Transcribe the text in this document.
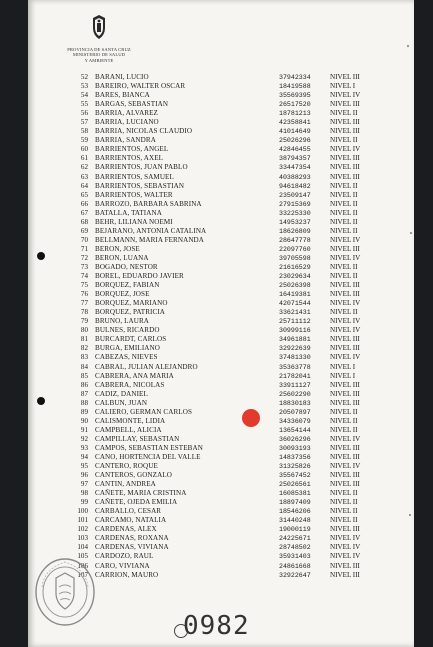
PROVINCIA DE SANTA CRUZ
MINISTERIO DE SALUD
Y AMBIENTE
52 BARANI, LUCIO	37942334	NIVEL III
53 BAREIRO, WALTER OSCAR	18419588	NIVEL I
54 BARES, BIANCA	35569395	NIVEL IV
55 BARGAS, SEBASTIAN	26517520	NIVEL III
56 BARRIA, ALVAREZ	18781213	NIVEL II
57 BARRIA, LUCIANO	42358841	NIVEL III
58 BARRIA, NICOLAS CLAUDIO	41014649	NIVEL III
59 BARRIA, SANDRA	25026296	NIVEL II
60 BARRIENTOS, ANGEL	42846455	NIVEL IV
61 BARRIENTOS, AXEL	38794357	NIVEL III
62 BARRIENTOS, JUAN PABLO	33447354	NIVEL III
63 BARRIENTOS, SAMUEL	40388293	NIVEL III
64 BARRIENTOS, SEBASTIAN	94618482	NIVEL II
65 BARRIENTOS, WALTER	23509147	NIVEL II
66 BARROZO, BARBARA SABRINA	27915369	NIVEL II
67 BATALLA, TATIANA	33225330	NIVEL II
68 BEHR, LILIANA NOEMI	14953237	NIVEL II
69 BEJARANO, ANTONIA CATALINA	18626809	NIVEL II
70 BELLMANN, MARIA FERNANDA	28647778	NIVEL IV
71 BERON, JOSE	22097760	NIVEL III
72 BERON, LUANA	39705598	NIVEL IV
73 BOGADO, NESTOR	21616529	NIVEL II
74 BOREL, EDUARDO JAVIER	23029634	NIVEL II
75 BORQUEZ, FABIAN	25026398	NIVEL III
76 BORQUEZ, JOSE	16419381	NIVEL III
77 BORQUEZ, MARIANO	42071544	NIVEL IV
78 BORQUEZ, PATRICIA	33621431	NIVEL II
79 BRUNO, LAURA	25711112	NIVEL IV
80 BULNES, RICARDO	30999116	NIVEL IV
81 BURCARDT, CARLOS	34961881	NIVEL III
82 BURGA, EMILIANO	32922639	NIVEL III
83 CABEZAS, NIEVES	37481330	NIVEL IV
84 CABRAL, JULIAN ALEJANDRO	35363778	NIVEL I
85 CABRERA, ANA MARIA	21782041	NIVEL I
86 CABRERA, NICOLAS	33911127	NIVEL III
87 CADIZ, DANIEL	25602290	NIVEL III
88 CALBUN, JUAN	18830183	NIVEL III
89 CALIERO, GERMAN CARLOS	20507897	NIVEL II
90 CALISMONTE, LIDIA	34336079	NIVEL II
91 CAMPBELL, ALICIA	13654144	NIVEL II
92 CAMPILLAY, SEBASTIAN	36026296	NIVEL IV
93 CAMPOS, SEBASTIAN ESTEBAN	30093193	NIVEL III
94 CANO, HORTENCIA DEL VALLE	14837356	NIVEL III
95 CANTERO, ROQUE	31325826	NIVEL IV
96 CANTEROS, GONZALO	35567452	NIVEL III
97 CANTIN, ANDREA	25026561	NIVEL III
98 CAÑETE, MARIA CRISTINA	16085381	NIVEL II
99 CAÑETE, OJEDA EMILIA	18897409	NIVEL II
100 CARBALLO, CESAR	18546206	NIVEL II
101 CARCAMO, NATALIA	31440248	NIVEL II
102 CARDENAS, ALEX	19000119	NIVEL III
103 CARDENAS, ROXANA	24225671	NIVEL IV
104 CARDENAS, VIVIANA	28748502	NIVEL IV
105 CARDOZO, RAUL	35931403	NIVEL IV
106 CARO, VIVIANA	24861668	NIVEL III
107 CARRION, MAURO	32922647	NIVEL III
0982
